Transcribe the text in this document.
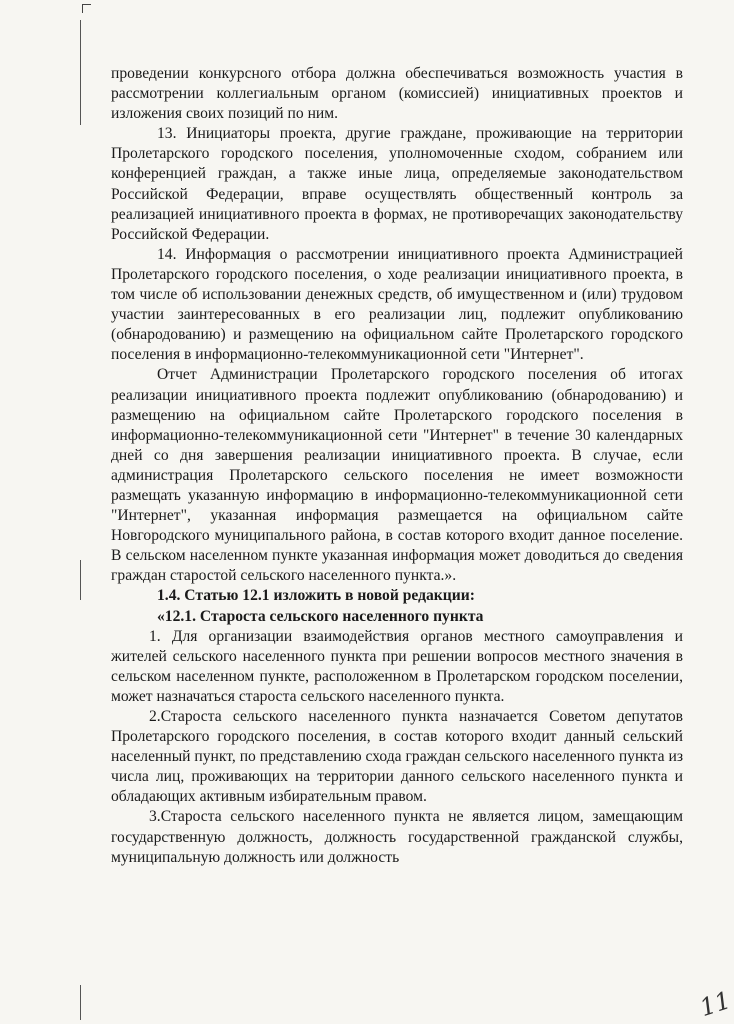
проведении конкурсного отбора должна обеспечиваться возможность участия в рассмотрении коллегиальным органом (комиссией) инициативных проектов и изложения своих позиций по ним.

13. Инициаторы проекта, другие граждане, проживающие на территории Пролетарского городского поселения, уполномоченные сходом, собранием или конференцией граждан, а также иные лица, определяемые законодательством Российской Федерации, вправе осуществлять общественный контроль за реализацией инициативного проекта в формах, не противоречащих законодательству Российской Федерации.

14. Информация о рассмотрении инициативного проекта Администрацией Пролетарского городского поселения, о ходе реализации инициативного проекта, в том числе об использовании денежных средств, об имущественном и (или) трудовом участии заинтересованных в его реализации лиц, подлежит опубликованию (обнародованию) и размещению на официальном сайте Пролетарского городского поселения в информационно-телекоммуникационной сети "Интернет".

Отчет Администрации Пролетарского городского поселения об итогах реализации инициативного проекта подлежит опубликованию (обнародованию) и размещению на официальном сайте Пролетарского городского поселения в информационно-телекоммуникационной сети "Интернет" в течение 30 календарных дней со дня завершения реализации инициативного проекта. В случае, если администрация Пролетарского сельского поселения не имеет возможности размещать указанную информацию в информационно-телекоммуникационной сети "Интернет", указанная информация размещается на официальном сайте Новгородского муниципального района, в состав которого входит данное поселение. В сельском населенном пункте указанная информация может доводиться до сведения граждан старостой сельского населенного пункта.».

1.4. Статью 12.1 изложить в новой редакции:

«12.1. Староста сельского населенного пункта

1. Для организации взаимодействия органов местного самоуправления и жителей сельского населенного пункта при решении вопросов местного значения в сельском населенном пункте, расположенном в Пролетарском городском поселении, может назначаться староста сельского населенного пункта.

2.Староста сельского населенного пункта назначается Советом депутатов Пролетарского городского поселения, в состав которого входит данный сельский населенный пункт, по представлению схода граждан сельского населенного пункта из числа лиц, проживающих на территории данного сельского населенного пункта и обладающих активным избирательным правом.

3.Староста сельского населенного пункта не является лицом, замещающим государственную должность, должность государственной гражданской службы, муниципальную должность или должность

11
